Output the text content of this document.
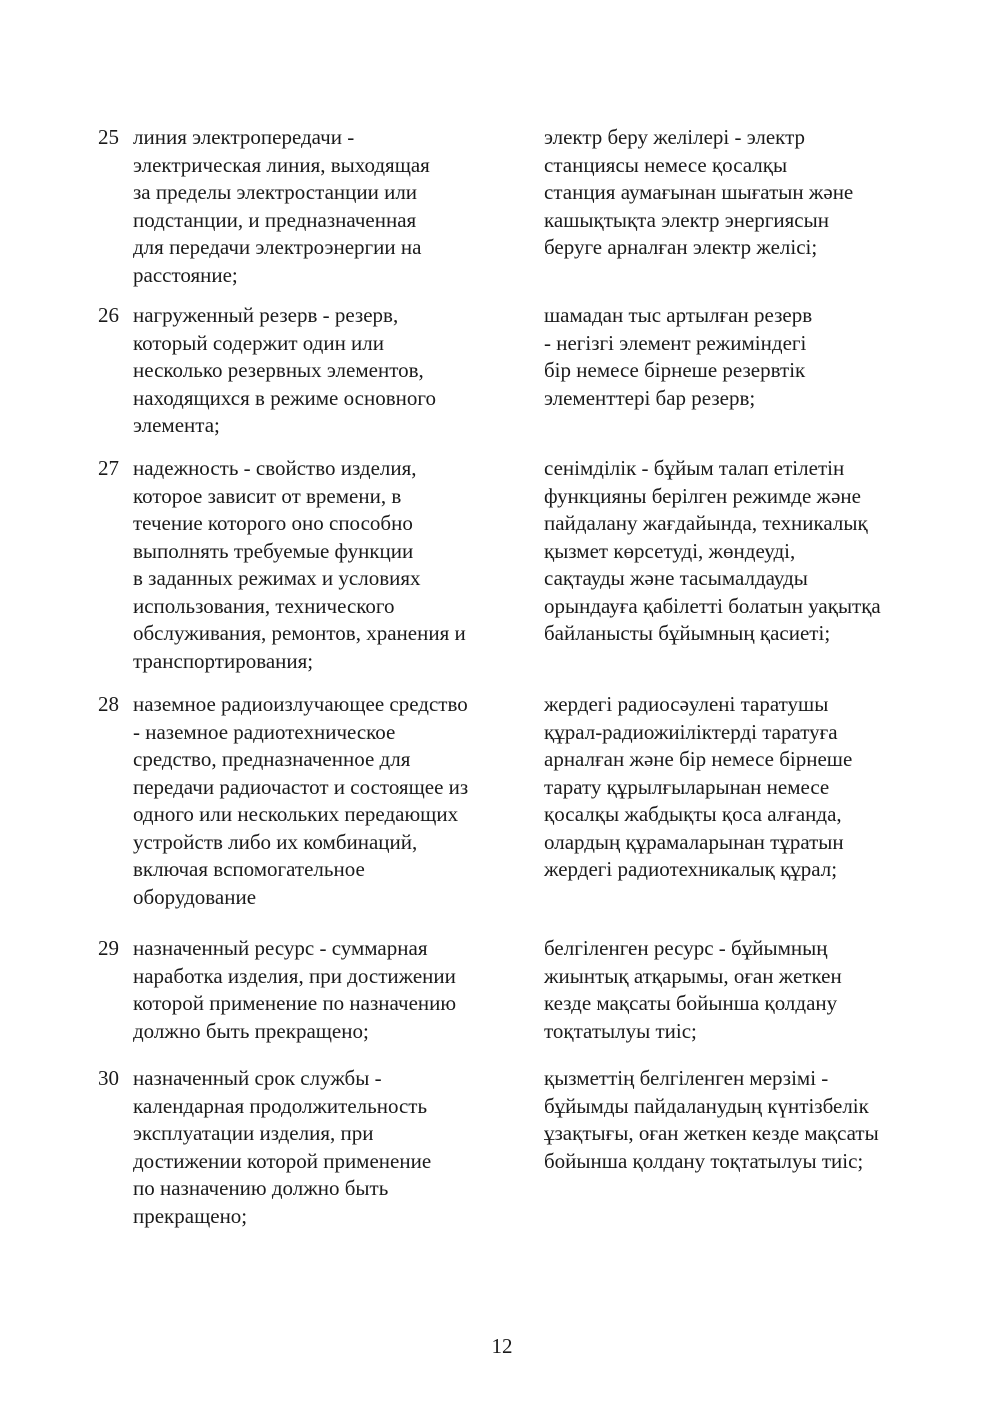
25 линия электропередачи -
электрическая линия, выходящая
за пределы электростанции или
подстанции, и предназначенная
для передачи электроэнергии на
расстояние;
электр беру желілері - электр
станциясы немесе қосалқы
станция аумағынан шығатын және
кашықтықта электр энергиясын
беруге арналған электр желісі;
26 нагруженный резерв - резерв,
который содержит один или
несколько резервных элементов,
находящихся в режиме основного
элемента;
шамадан тыс артылған резерв
- негізгі элемент режиміндегі
бір немесе бірнеше резервтік
элементтері бар резерв;
27 надежность - свойство изделия,
которое зависит от времени, в
течение которого оно способно
выполнять требуемые функции
в заданных режимах и условиях
использования, технического
обслуживания, ремонтов, хранения и
транспортирования;
сенімділік - бұйым талап етілетін
функцияны берілген режимде және
пайдалану жағдайында, техникалық
қызмет көрсетуді, жөндеуді,
сақтауды және тасымалдауды
орындауға қабілетті болатын уақытқа
байланысты бұйымның қасиеті;
28 наземное радиоизлучающее средство
- наземное радиотехническое
средство, предназначенное для
передачи радиочастот и состоящее из
одного или нескольких передающих
устройств либо их комбинаций,
включая вспомогательное
оборудование
жердегі радиосәулені таратушы
құрал-радиожиіліктерді таратуға
арналған және бір немесе бірнеше
тарату құрылғыларынан немесе
қосалқы жабдықты қоса алғанда,
олардың құрамаларынан тұратын
жердегі радиотехникалық құрал;
29 назначенный ресурс - суммарная
наработка изделия, при достижении
которой применение по назначению
должно быть прекращено;
белгіленген ресурс - бұйымның
жиынтық атқарымы, оған жеткен
кезде мақсаты бойынша қолдану
тоқтатылуы тиіс;
30 назначенный срок службы -
календарная продолжительность
эксплуатации изделия, при
достижении которой применение
по назначению должно быть
прекращено;
қызметтің белгіленген мерзімі -
бұйымды пайдаланудың күнтізбелік
ұзақтығы, оған жеткен кезде мақсаты
бойынша қолдану тоқтатылуы тиіс;
12
